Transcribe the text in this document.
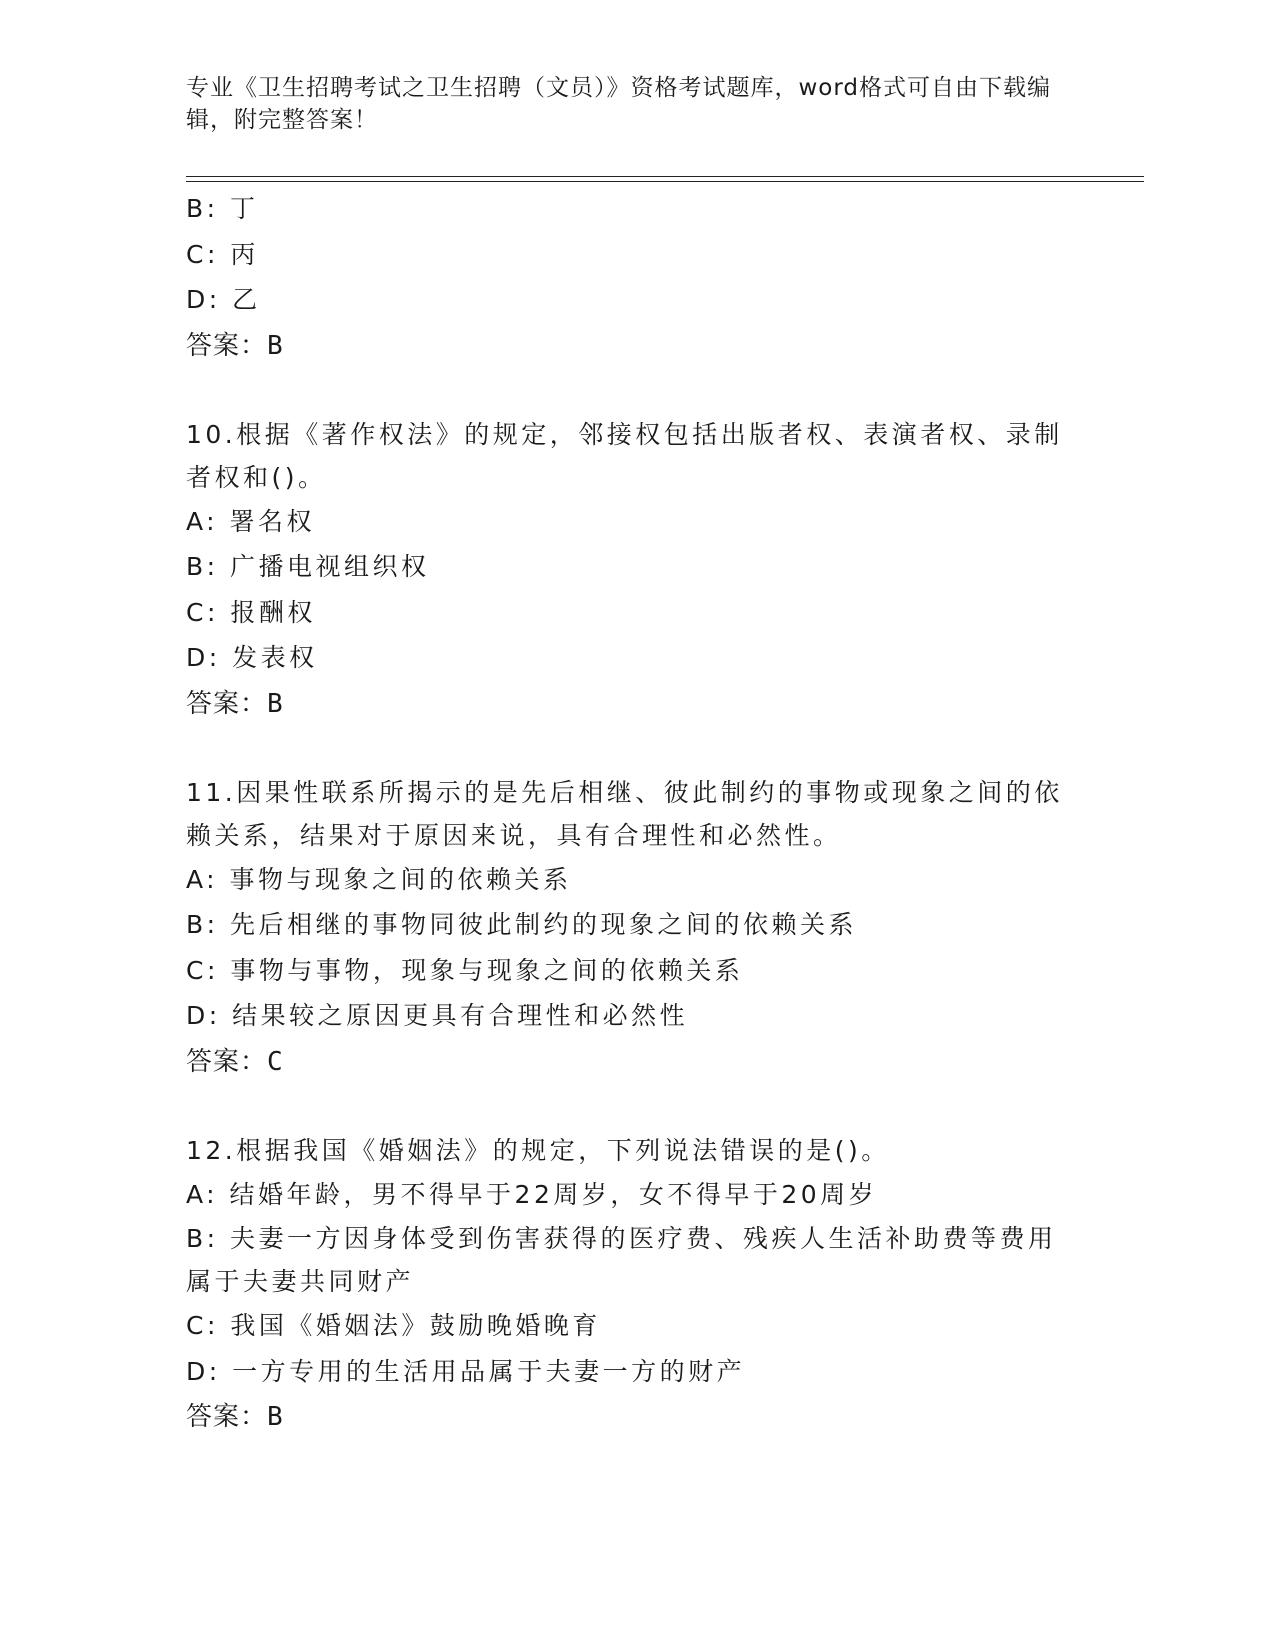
专业《卫生招聘考试之卫生招聘（文员）》资格考试题库，word格式可自由下载编辑，附完整答案！
B: 丁
C: 丙
D: 乙
答案：B
10.根据《著作权法》的规定，邻接权包括出版者权、表演者权、录制者权和()。
A: 署名权
B: 广播电视组织权
C: 报酬权
D: 发表权
答案：B
11.因果性联系所揭示的是先后相继、彼此制约的事物或现象之间的依赖关系，结果对于原因来说，具有合理性和必然性。
A: 事物与现象之间的依赖关系
B: 先后相继的事物同彼此制约的现象之间的依赖关系
C: 事物与事物，现象与现象之间的依赖关系
D: 结果较之原因更具有合理性和必然性
答案：C
12.根据我国《婚姻法》的规定，下列说法错误的是()。
A: 结婚年龄，男不得早于22周岁，女不得早于20周岁
B: 夫妻一方因身体受到伤害获得的医疗费、残疾人生活补助费等费用属于夫妻共同财产
C: 我国《婚姻法》鼓励晚婚晚育
D: 一方专用的生活用品属于夫妻一方的财产
答案：B
